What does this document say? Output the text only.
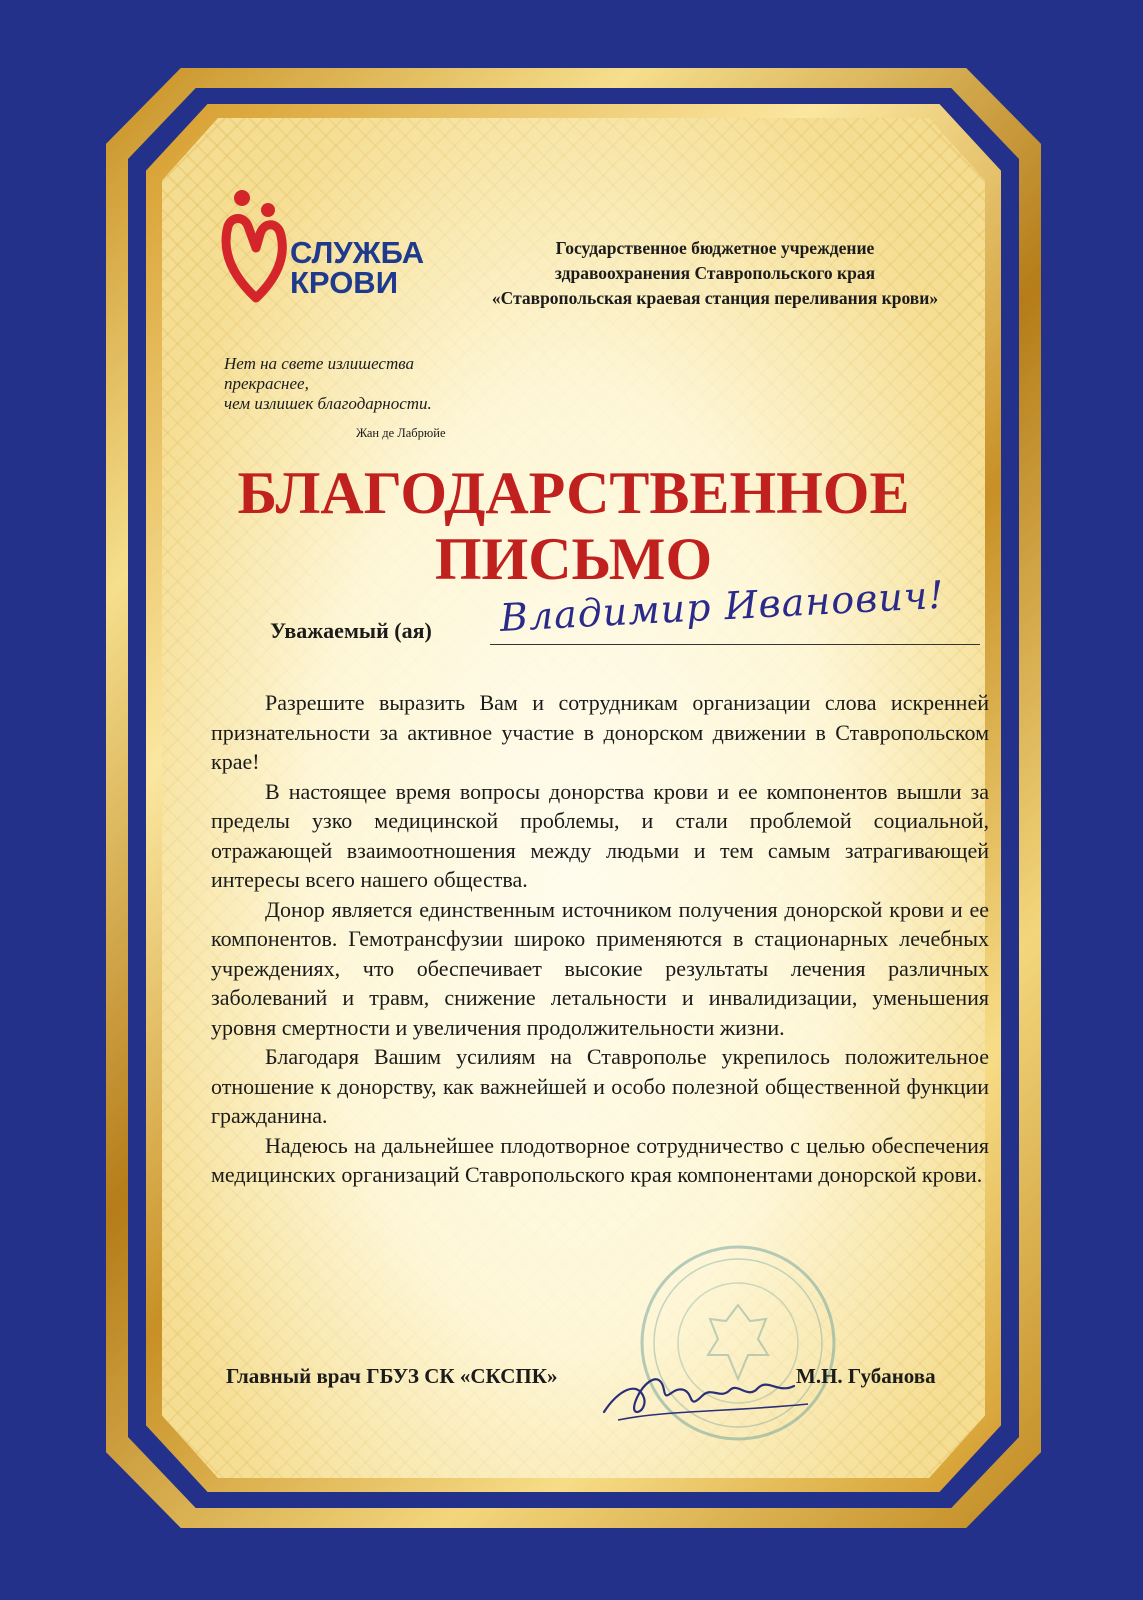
СЛУЖБА
КРОВИ
Государственное бюджетное учреждение
здравоохранения Ставропольского края
«Ставропольская краевая станция переливания крови»
Нет на свете излишества
прекраснее,
чем излишек благодарности.
Жан де Лабрюйе
БЛАГОДАРСТВЕННОЕ
ПИСЬМО
Уважаемый (ая) Владимир Иванович!

Разрешите выразить Вам и сотрудникам организации слова искренней признательности за активное участие в донорском движении в Ставропольском крае!

В настоящее время вопросы донорства крови и ее компонентов вышли за пределы узко медицинской проблемы, и стали проблемой социальной, отражающей взаимоотношения между людьми и тем самым затрагивающей интересы всего нашего общества.

Донор является единственным источником получения донорской крови и ее компонентов. Гемотрансфузии широко применяются в стационарных лечебных учреждениях, что обеспечивает высокие результаты лечения различных заболеваний и травм, снижение летальности и инвалидизации, уменьшения уровня смертности и увеличения продолжительности жизни.

Благодаря Вашим усилиям на Ставрополье укрепилось положительное отношение к донорству, как важнейшей и особо полезной общественной функции гражданина.

Надеюсь на дальнейшее плодотворное сотрудничество с целью обеспечения медицинских организаций Ставропольского края компонентами донорской крови.

Главный врач ГБУЗ СК «СКСПК»	М.Н. Губанова
